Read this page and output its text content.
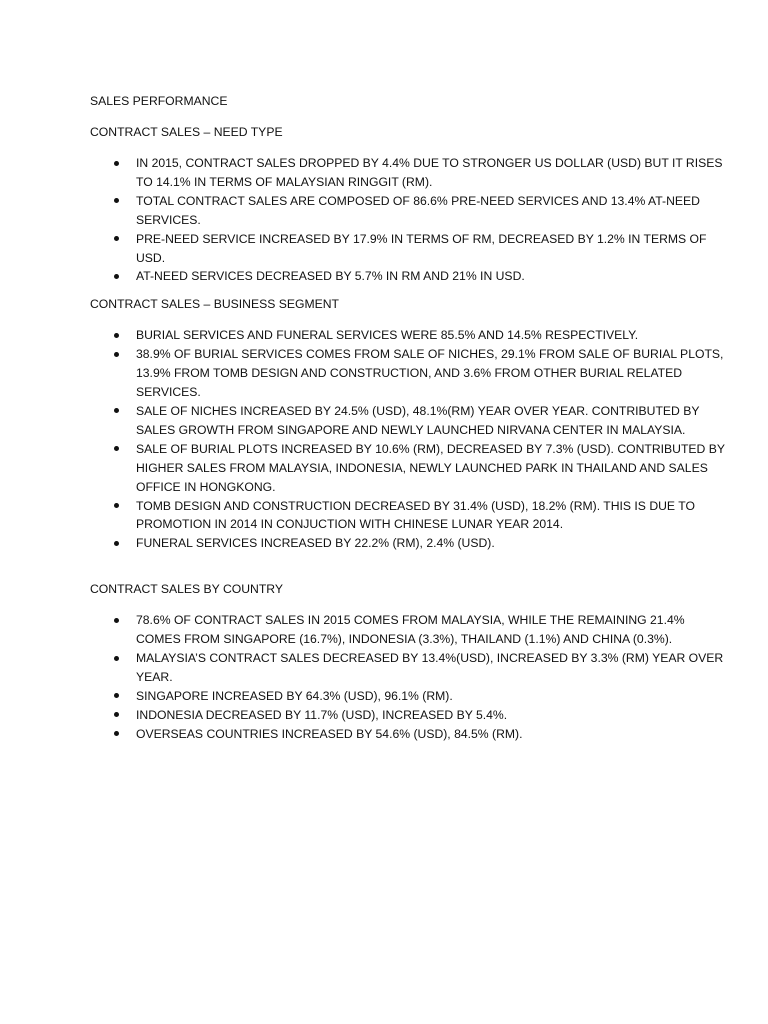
SALES PERFORMANCE
CONTRACT SALES – NEED TYPE
IN 2015, CONTRACT SALES DROPPED BY 4.4% DUE TO STRONGER US DOLLAR (USD) BUT IT RISES
TO 14.1% IN TERMS OF MALAYSIAN RINGGIT (RM).
TOTAL CONTRACT SALES ARE COMPOSED OF 86.6% PRE-NEED SERVICES AND 13.4% AT-NEED
SERVICES.
PRE-NEED SERVICE INCREASED BY 17.9% IN TERMS OF RM, DECREASED BY 1.2% IN TERMS OF
USD.
AT-NEED SERVICES DECREASED BY 5.7% IN RM AND 21% IN USD.
CONTRACT SALES – BUSINESS SEGMENT
BURIAL SERVICES AND FUNERAL SERVICES WERE 85.5% AND 14.5% RESPECTIVELY.
38.9% OF BURIAL SERVICES COMES FROM SALE OF NICHES, 29.1% FROM SALE OF BURIAL PLOTS,
13.9% FROM TOMB DESIGN AND CONSTRUCTION, AND 3.6% FROM OTHER BURIAL RELATED
SERVICES.
SALE OF NICHES INCREASED BY 24.5% (USD), 48.1%(RM) YEAR OVER YEAR. CONTRIBUTED BY
SALES GROWTH FROM SINGAPORE AND NEWLY LAUNCHED NIRVANA CENTER IN MALAYSIA.
SALE OF BURIAL PLOTS INCREASED BY 10.6% (RM), DECREASED BY 7.3% (USD). CONTRIBUTED BY
HIGHER SALES FROM MALAYSIA, INDONESIA, NEWLY LAUNCHED PARK IN THAILAND AND SALES
OFFICE IN HONGKONG.
TOMB DESIGN AND CONSTRUCTION DECREASED BY 31.4% (USD), 18.2% (RM). THIS IS DUE TO
PROMOTION IN 2014 IN CONJUCTION WITH CHINESE LUNAR YEAR 2014.
FUNERAL SERVICES INCREASED BY 22.2% (RM), 2.4% (USD).
CONTRACT SALES BY COUNTRY
78.6% OF CONTRACT SALES IN 2015 COMES FROM MALAYSIA, WHILE THE REMAINING 21.4%
COMES FROM SINGAPORE (16.7%), INDONESIA (3.3%), THAILAND (1.1%) AND CHINA (0.3%).
MALAYSIA’S CONTRACT SALES DECREASED BY 13.4%(USD), INCREASED BY 3.3% (RM) YEAR OVER
YEAR.
SINGAPORE INCREASED BY 64.3% (USD), 96.1% (RM).
INDONESIA DECREASED BY 11.7% (USD), INCREASED BY 5.4%.
OVERSEAS COUNTRIES INCREASED BY 54.6% (USD), 84.5% (RM).
